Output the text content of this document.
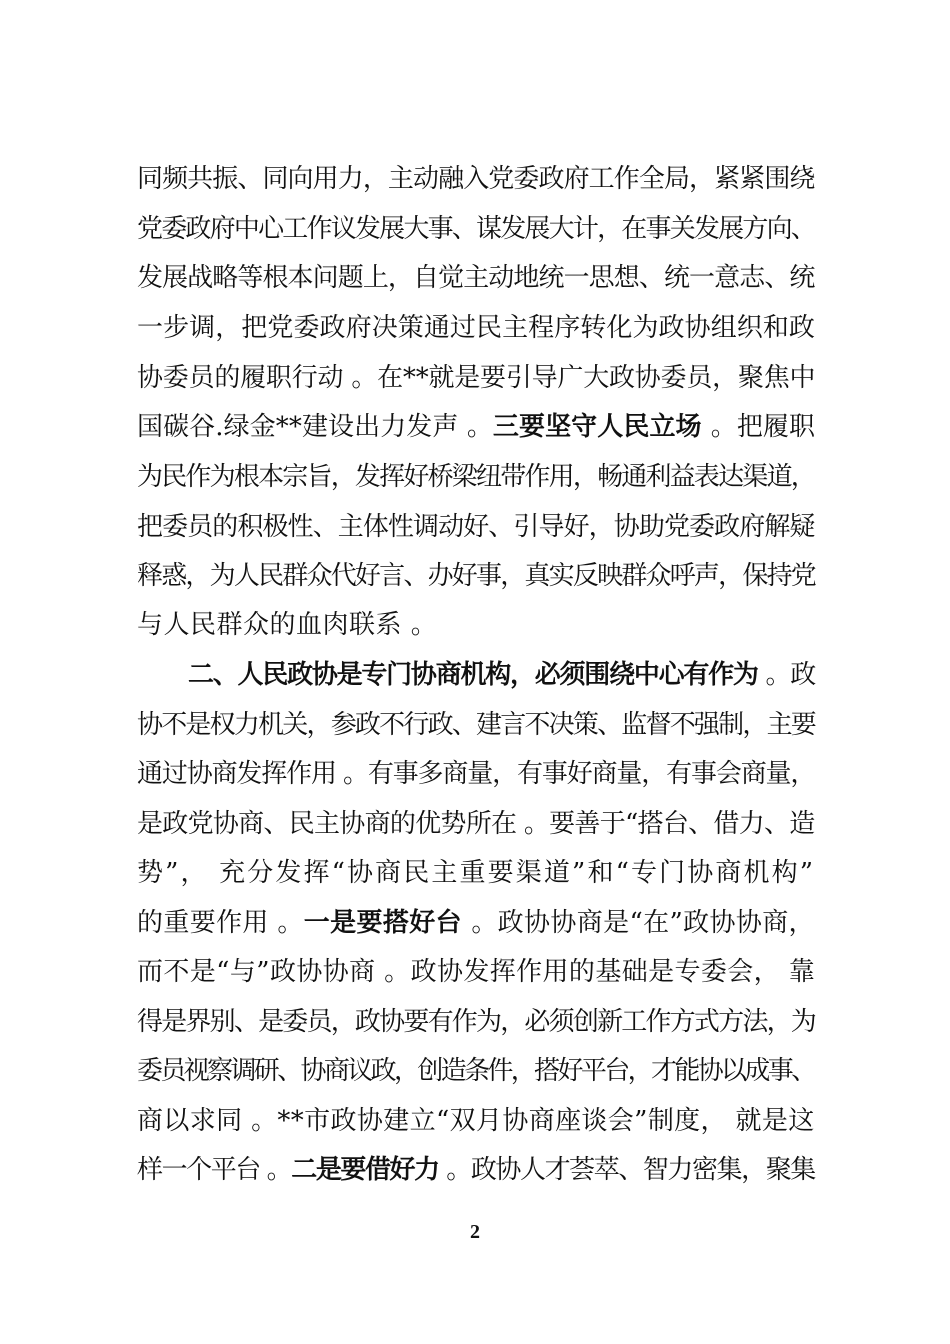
同频共振、同向用力，主动融入党委政府工作全局，紧紧围绕
党委政府中心工作议发展大事、谋发展大计，在事关发展方向、
发展战略等根本问题上，自觉主动地统一思想、统一意志、统
一步调，把党委政府决策通过民主程序转化为政协组织和政
协委员的履职行动 。在**就是要引导广大政协委员，聚焦中
国碳谷.绿金**建设出力发声 。三要坚守人民立场 。把履职
为民作为根本宗旨，发挥好桥梁纽带作用，畅通利益表达渠道，
把委员的积极性、主体性调动好、引导好，协助党委政府解疑
释惑，为人民群众代好言、办好事，真实反映群众呼声，保持党
与人民群众的血肉联系 。
二、人民政协是专门协商机构，必须围绕中心有作为 。政
协不是权力机关，参政不行政、建言不决策、监督不强制，主要
通过协商发挥作用 。有事多商量，有事好商量，有事会商量，
是政党协商、民主协商的优势所在 。要善于“搭台、借力、造
势”， 充分发挥“协商民主重要渠道”和“专门协商机构”
的重要作用 。一是要搭好台 。政协协商是“在”政协协商，
而不是“与”政协协商 。政协发挥作用的基础是专委会， 靠
得是界别、是委员，政协要有作为，必须创新工作方式方法，为
委员视察调研、协商议政，创造条件，搭好平台，才能协以成事、
商以求同 。**市政协建立“双月协商座谈会”制度， 就是这
样一个平台 。二是要借好力 。政协人才荟萃、智力密集，聚集
2
